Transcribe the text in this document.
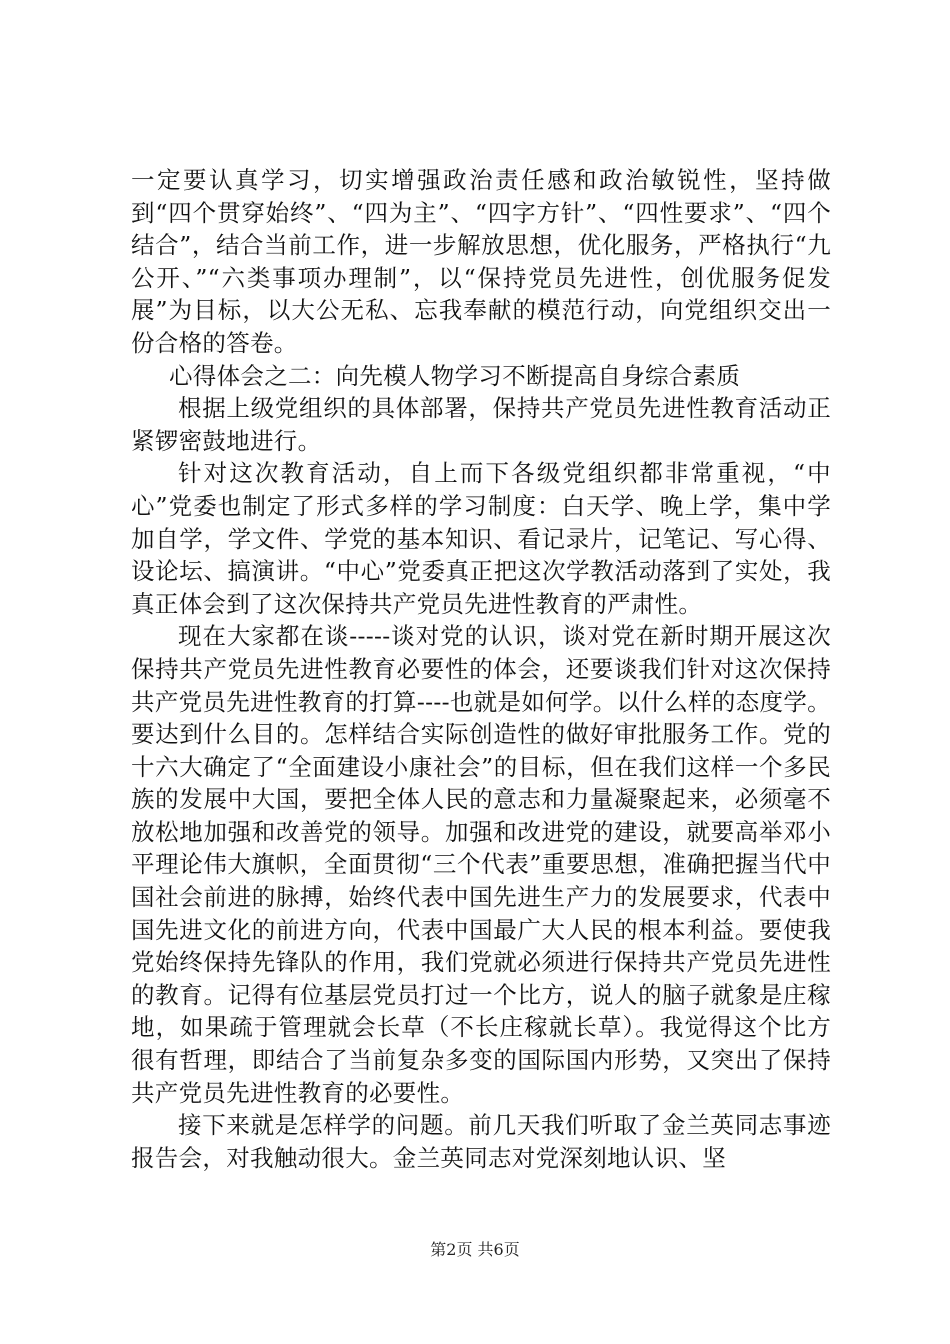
一定要认真学习，切实增强政治责任感和政治敏锐性，坚持做到“四个贯穿始终”、“四为主”、“四字方针”、“四性要求”、“四个结合”，结合当前工作，进一步解放思想，优化服务，严格执行“九公开、”“六类事项办理制”，以“保持党员先进性，创优服务促发展”为目标，以大公无私、忘我奉献的模范行动，向党组织交出一份合格的答卷。

心得体会之二：向先模人物学习不断提高自身综合素质

根据上级党组织的具体部署，保持共产党员先进性教育活动正紧锣密鼓地进行。

针对这次教育活动，自上而下各级党组织都非常重视，“中心”党委也制定了形式多样的学习制度：白天学、晚上学，集中学加自学，学文件、学党的基本知识、看记录片，记笔记、写心得、设论坛、搞演讲。“中心”党委真正把这次学教活动落到了实处，我真正体会到了这次保持共产党员先进性教育的严肃性。

现在大家都在谈-----谈对党的认识，谈对党在新时期开展这次保持共产党员先进性教育必要性的体会，还要谈我们针对这次保持共产党员先进性教育的打算----也就是如何学。以什么样的态度学。要达到什么目的。怎样结合实际创造性的做好审批服务工作。党的十六大确定了“全面建设小康社会”的目标，但在我们这样一个多民族的发展中大国，要把全体人民的意志和力量凝聚起来，必须毫不放松地加强和改善党的领导。加强和改进党的建设，就要高举邓小平理论伟大旗帜，全面贯彻“三个代表”重要思想，准确把握当代中国社会前进的脉搏，始终代表中国先进生产力的发展要求，代表中国先进文化的前进方向，代表中国最广大人民的根本利益。要使我党始终保持先锋队的作用，我们党就必须进行保持共产党员先进性的教育。记得有位基层党员打过一个比方，说人的脑子就象是庄稼地，如果疏于管理就会长草（不长庄稼就长草）。我觉得这个比方很有哲理，即结合了当前复杂多变的国际国内形势，又突出了保持共产党员先进性教育的必要性。

接下来就是怎样学的问题。前几天我们听取了金兰英同志事迹报告会，对我触动很大。金兰英同志对党深刻地认识、坚

第2页 共6页
